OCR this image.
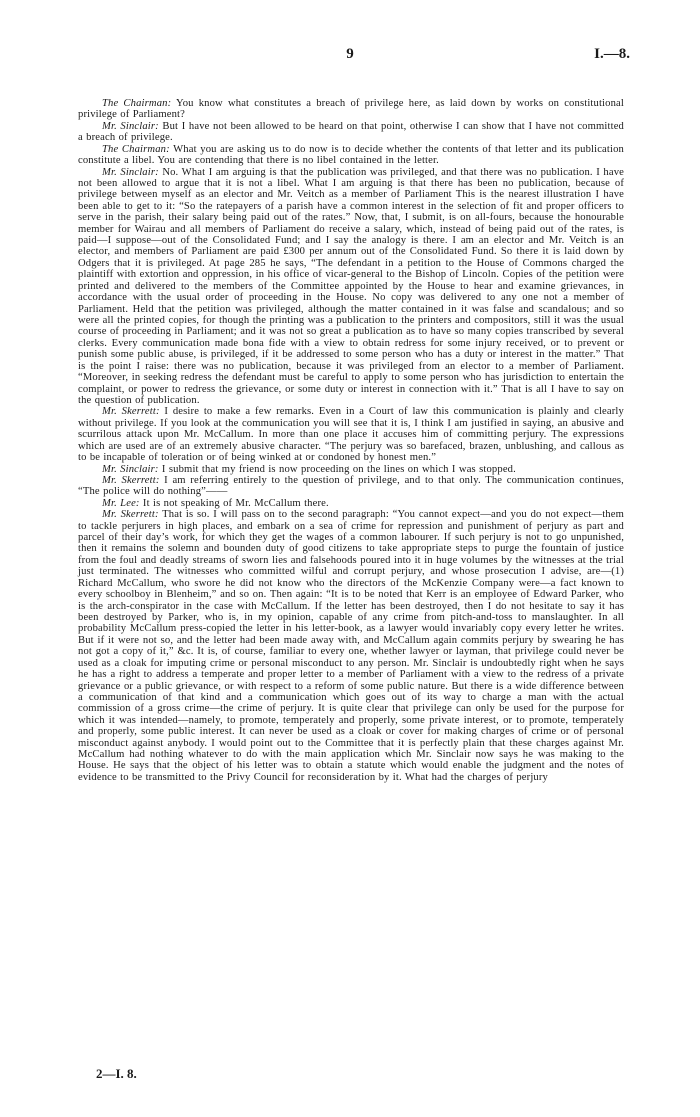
9	I.—8.

The Chairman: You know what constitutes a breach of privilege here, as laid down by works on constitutional privilege of Parliament?

Mr. Sinclair: But I have not been allowed to be heard on that point, otherwise I can show that I have not committed a breach of privilege.

The Chairman: What you are asking us to do now is to decide whether the contents of that letter and its publication constitute a libel. You are contending that there is no libel contained in the letter.

Mr. Sinclair: No. What I am arguing is that the publication was privileged, and that there was no publication. I have not been allowed to argue that it is not a libel. What I am arguing is that there has been no publication, because of privilege between myself as an elector and Mr. Veitch as a member of Parliament This is the nearest illustration I have been able to get to it: “So the ratepayers of a parish have a common interest in the selection of fit and proper officers to serve in the parish, their salary being paid out of the rates.” Now, that, I submit, is on all-fours, because the honourable member for Wairau and all members of Parliament do receive a salary, which, instead of being paid out of the rates, is paid—I suppose—out of the Consolidated Fund; and I say the analogy is there. I am an elector and Mr. Veitch is an elector, and members of Parliament are paid £300 per annum out of the Consolidated Fund. So there it is laid down by Odgers that it is privileged. At page 285 he says, “The defendant in a petition to the House of Commons charged the plaintiff with extortion and oppression, in his office of vicar-general to the Bishop of Lincoln. Copies of the petition were printed and delivered to the members of the Committee appointed by the House to hear and examine grievances, in accordance with the usual order of proceeding in the House. No copy was delivered to any one not a member of Parliament. Held that the petition was privileged, although the matter contained in it was false and scandalous; and so were all the printed copies, for though the printing was a publication to the printers and compositors, still it was the usual course of proceeding in Parliament; and it was not so great a publication as to have so many copies transcribed by several clerks. Every communication made bona fide with a view to obtain redress for some injury received, or to prevent or punish some public abuse, is privileged, if it be addressed to some person who has a duty or interest in the matter.” That is the point I raise: there was no publication, because it was privileged from an elector to a member of Parliament. “Moreover, in seeking redress the defendant must be careful to apply to some person who has jurisdiction to entertain the complaint, or power to redress the grievance, or some duty or interest in connection with it.” That is all I have to say on the question of publication.

Mr. Skerrett: I desire to make a few remarks. Even in a Court of law this communication is plainly and clearly without privilege. If you look at the communication you will see that it is, I think I am justified in saying, an abusive and scurrilous attack upon Mr. McCallum. In more than one place it accuses him of committing perjury. The expressions which are used are of an extremely abusive character. “The perjury was so barefaced, brazen, unblushing, and callous as to be incapable of toleration or of being winked at or condoned by honest men.”

Mr. Sinclair: I submit that my friend is now proceeding on the lines on which I was stopped.

Mr. Skerrett: I am referring entirely to the question of privilege, and to that only. The communication continues, “The police will do nothing”——

Mr. Lee: It is not speaking of Mr. McCallum there.

Mr. Skerrett: That is so. I will pass on to the second paragraph: “You cannot expect—and you do not expect—them to tackle perjurers in high places, and embark on a sea of crime for repression and punishment of perjury as part and parcel of their day’s work, for which they get the wages of a common labourer. If such perjury is not to go unpunished, then it remains the solemn and bounden duty of good citizens to take appropriate steps to purge the fountain of justice from the foul and deadly streams of sworn lies and falsehoods poured into it in huge volumes by the witnesses at the trial just terminated. The witnesses who committed wilful and corrupt perjury, and whose prosecution I advise, are—(1) Richard McCallum, who swore he did not know who the directors of the McKenzie Company were—a fact known to every schoolboy in Blenheim,” and so on. Then again: “It is to be noted that Kerr is an employee of Edward Parker, who is the arch-conspirator in the case with McCallum. If the letter has been destroyed, then I do not hesitate to say it has been destroyed by Parker, who is, in my opinion, capable of any crime from pitch-and-toss to manslaughter. In all probability McCallum press-copied the letter in his letter-book, as a lawyer would invariably copy every letter he writes. But if it were not so, and the letter had been made away with, and McCallum again commits perjury by swearing he has not got a copy of it,” &c. It is, of course, familiar to every one, whether lawyer or layman, that privilege could never be used as a cloak for imputing crime or personal misconduct to any person. Mr. Sinclair is undoubtedly right when he says he has a right to address a temperate and proper letter to a member of Parliament with a view to the redress of a private grievance or a public grievance, or with respect to a reform of some public nature. But there is a wide difference between a communication of that kind and a communication which goes out of its way to charge a man with the actual commission of a gross crime—the crime of perjury. It is quite clear that privilege can only be used for the purpose for which it was intended—namely, to promote, temperately and properly, some private interest, or to promote, temperately and properly, some public interest. It can never be used as a cloak or cover for making charges of crime or of personal misconduct against anybody. I would point out to the Committee that it is perfectly plain that these charges against Mr. McCallum had nothing whatever to do with the main application which Mr. Sinclair now says he was making to the House. He says that the object of his letter was to obtain a statute which would enable the judgment and the notes of evidence to be transmitted to the Privy Council for reconsideration by it. What had the charges of perjury

2—I. 8.
